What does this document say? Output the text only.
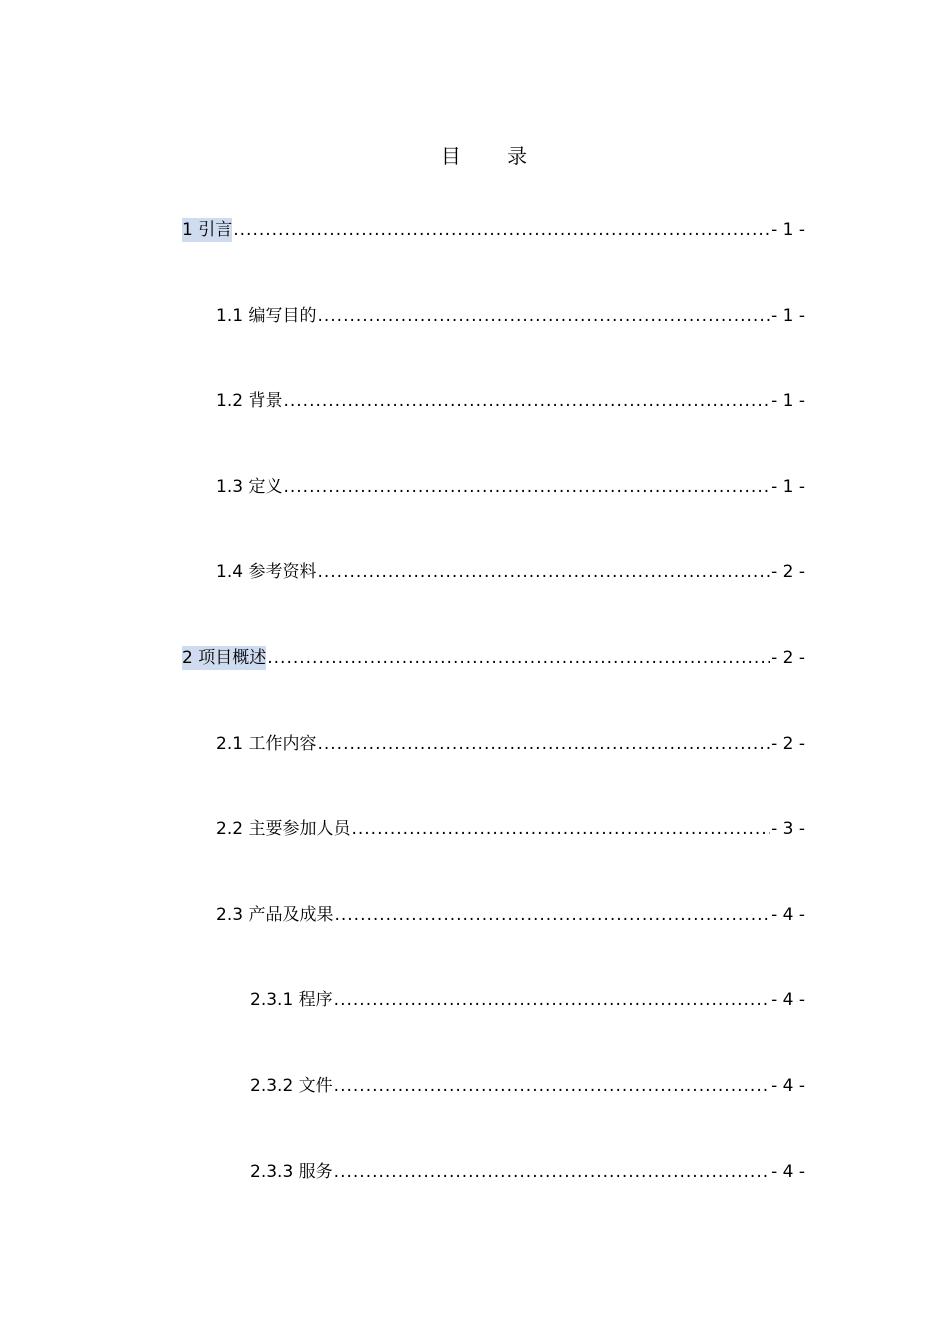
目 录
1 引言 .....	- 1 -
1.1 编写目的 .....	- 1 -
1.2 背景 .....	- 1 -
1.3 定义 .....	- 1 -
1.4 参考资料 .....	- 2 -
2 项目概述 .....	- 2 -
2.1 工作内容 .....	- 2 -
2.2 主要参加人员 .....	- 3 -
2.3 产品及成果 .....	- 4 -
2.3.1 程序 .....	- 4 -
2.3.2 文件 .....	- 4 -
2.3.3 服务 .....	- 4 -
